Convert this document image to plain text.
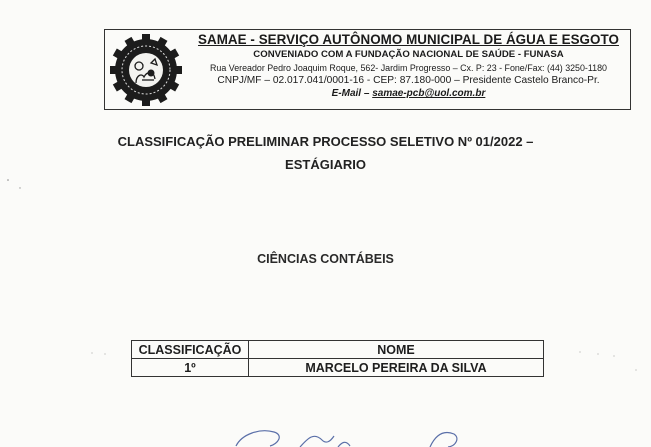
SAMAE - SERVIÇO AUTÔNOMO MUNICIPAL DE ÁGUA E ESGOTO
CONVENIADO COM A FUNDAÇÃO NACIONAL DE SAÚDE - FUNASA
Rua Vereador Pedro Joaquim Roque, 562- Jardim Progresso – Cx. P: 23 - Fone/Fax: (44) 3250-1180
CNPJ/MF – 02.017.041/0001-16 - CEP: 87.180-000 – Presidente Castelo Branco-Pr.
E-Mail – samae-pcb@uol.com.br
CLASSIFICAÇÃO PRELIMINAR PROCESSO SELETIVO Nº 01/2022 –
ESTÁGIARIO
CIÊNCIAS CONTÁBEIS
CLASSIFICAÇÃO	NOME
1º	MARCELO PEREIRA DA SILVA
